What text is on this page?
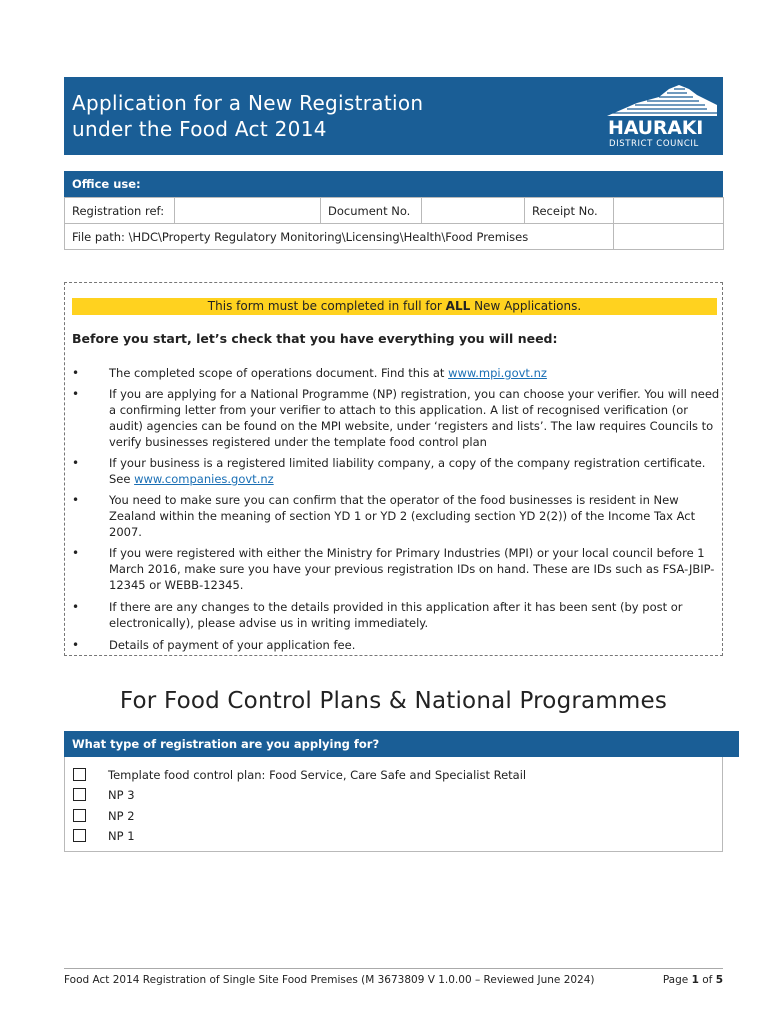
Application for a New Registration
under the Food Act 2014	HAURAKI
DISTRICT COUNCIL
Office use:
Registration ref:		Document No.		Receipt No.	
File path: \HDC\Property Regulatory Monitoring\Licensing\Health\Food Premises					
This form must be completed in full for ALL New Applications.
Before you start, let’s check that you have everything you will need:
•	The completed scope of operations document. Find this at www.mpi.govt.nz
•	If you are applying for a National Programme (NP) registration, you can choose your verifier. You will need a confirming letter from your verifier to attach to this application. A list of recognised verification (or audit) agencies can be found on the MPI website, under ‘registers and lists’. The law requires Councils to verify businesses registered under the template food control plan
•	If your business is a registered limited liability company, a copy of the company registration certificate. See www.companies.govt.nz
•	You need to make sure you can confirm that the operator of the food businesses is resident in New Zealand within the meaning of section YD 1 or YD 2 (excluding section YD 2(2)) of the Income Tax Act 2007.
•	If you were registered with either the Ministry for Primary Industries (MPI) or your local council before 1 March 2016, make sure you have your previous registration IDs on hand. These are IDs such as FSA-JBIP-12345 or WEBB-12345.
•	If there are any changes to the details provided in this application after it has been sent (by post or electronically), please advise us in writing immediately.
•	Details of payment of your application fee.
For Food Control Plans & National Programmes
What type of registration are you applying for?
Template food control plan: Food Service, Care Safe and Specialist Retail
NP 3
NP 2
NP 1
Food Act 2014 Registration of Single Site Food Premises (M 3673809 V 1.0.00 – Reviewed June 2024)	Page 1 of 5
